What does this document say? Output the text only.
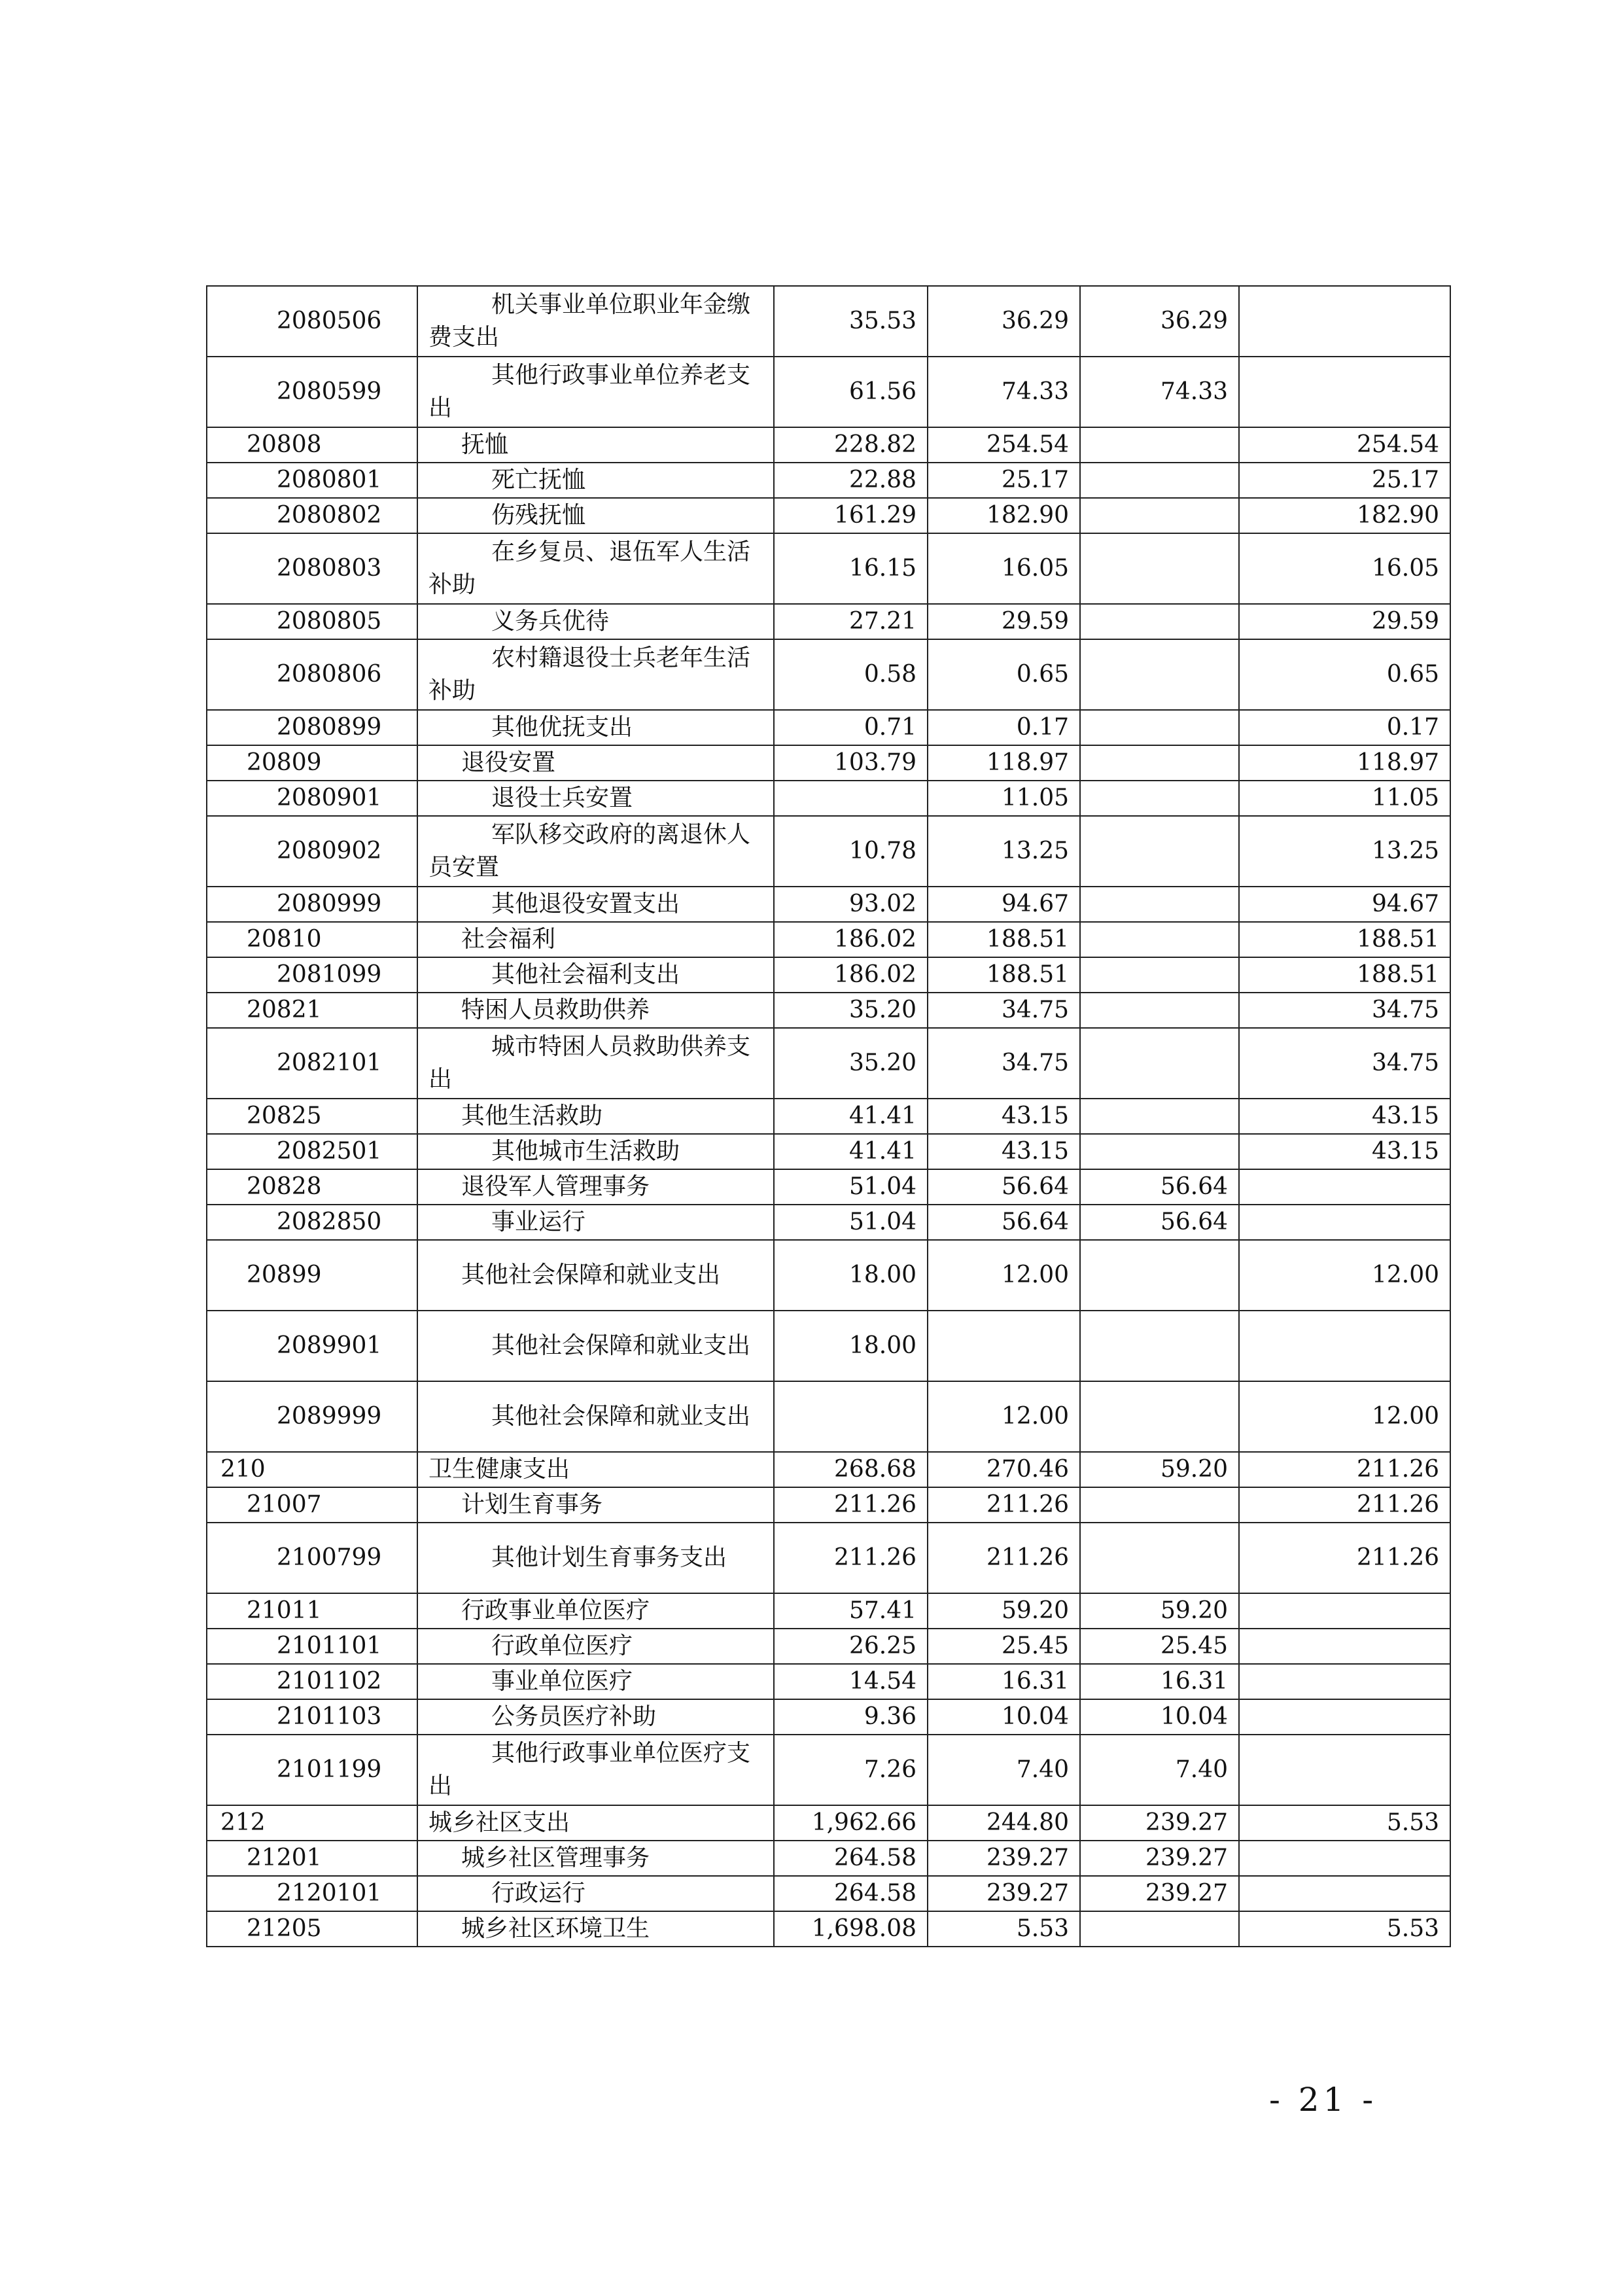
2080506	机关事业单位职业年金缴费支出	35.53	36.29	36.29	
2080599	其他行政事业单位养老支出	61.56	74.33	74.33	
20808	抚恤	228.82	254.54		254.54
2080801	死亡抚恤	22.88	25.17		25.17
2080802	伤残抚恤	161.29	182.90		182.90
2080803	在乡复员、退伍军人生活补助	16.15	16.05		16.05
2080805	义务兵优待	27.21	29.59		29.59
2080806	农村籍退役士兵老年生活补助	0.58	0.65		0.65
2080899	其他优抚支出	0.71	0.17		0.17
20809	退役安置	103.79	118.97		118.97
2080901	退役士兵安置		11.05		11.05
2080902	军队移交政府的离退休人员安置	10.78	13.25		13.25
2080999	其他退役安置支出	93.02	94.67		94.67
20810	社会福利	186.02	188.51		188.51
2081099	其他社会福利支出	186.02	188.51		188.51
20821	特困人员救助供养	35.20	34.75		34.75
2082101	城市特困人员救助供养支出	35.20	34.75		34.75
20825	其他生活救助	41.41	43.15		43.15
2082501	其他城市生活救助	41.41	43.15		43.15
20828	退役军人管理事务	51.04	56.64	56.64	
2082850	事业运行	51.04	56.64	56.64	
20899	其他社会保障和就业支出	18.00	12.00		12.00
2089901	其他社会保障和就业支出	18.00			
2089999	其他社会保障和就业支出		12.00		12.00
210	卫生健康支出	268.68	270.46	59.20	211.26
21007	计划生育事务	211.26	211.26		211.26
2100799	其他计划生育事务支出	211.26	211.26		211.26
21011	行政事业单位医疗	57.41	59.20	59.20	
2101101	行政单位医疗	26.25	25.45	25.45	
2101102	事业单位医疗	14.54	16.31	16.31	
2101103	公务员医疗补助	9.36	10.04	10.04	
2101199	其他行政事业单位医疗支出	7.26	7.40	7.40	
212	城乡社区支出	1,962.66	244.80	239.27	5.53
21201	城乡社区管理事务	264.58	239.27	239.27	
2120101	行政运行	264.58	239.27	239.27	
21205	城乡社区环境卫生	1,698.08	5.53		5.53
- 21 -
